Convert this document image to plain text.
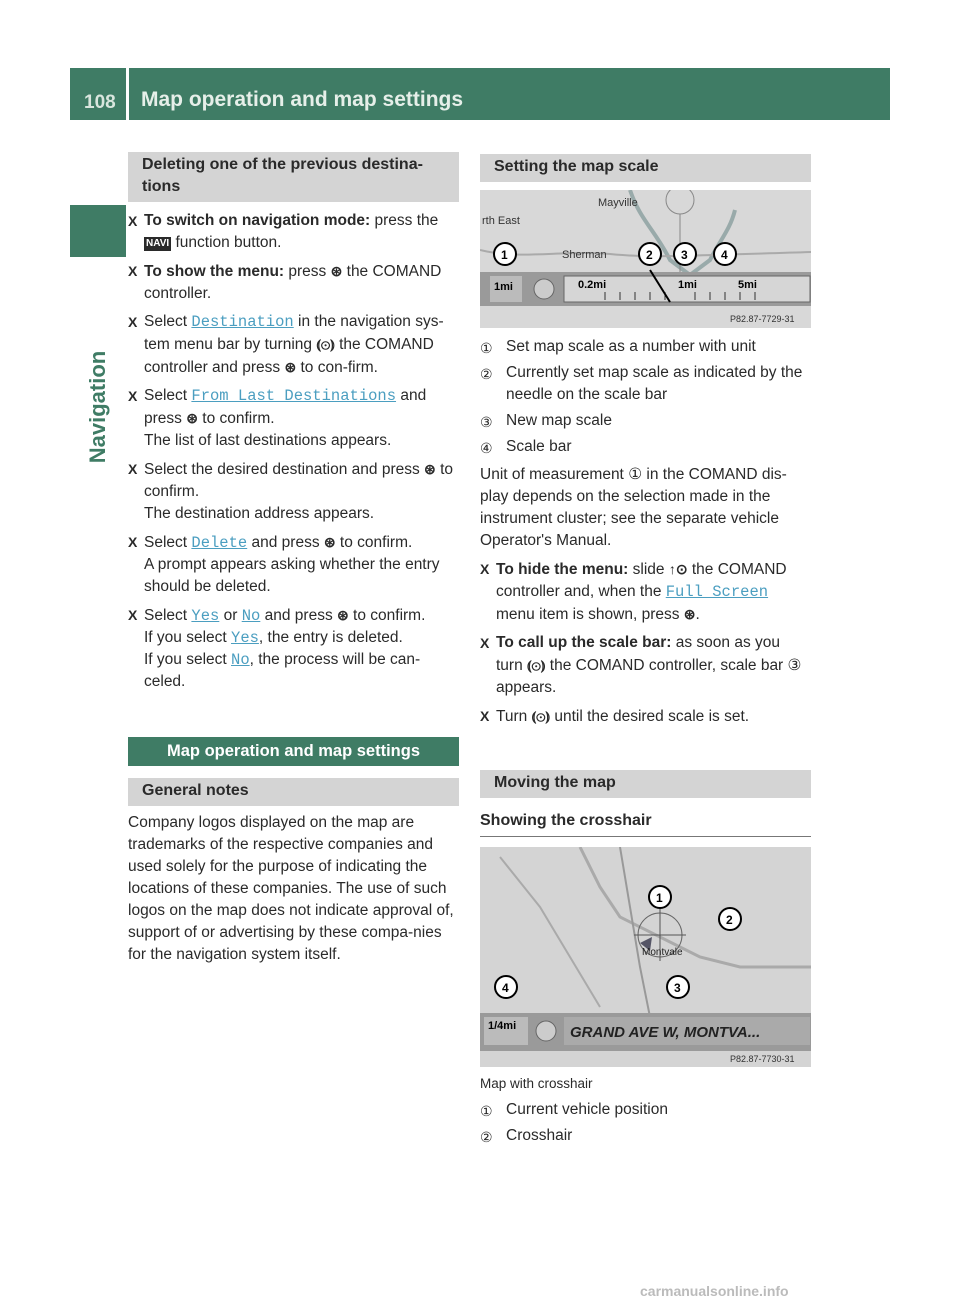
108 Map operation and map settings
Navigation
Deleting one of the previous destina-
tions
X To switch on navigation mode: press the
NAVI function button.
X To show the menu: press ⊛ the COMAND controller.
X Select Destination in the navigation sys-tem menu bar by turning ⦅⊙⦆ the COMAND controller and press ⊛ to con-firm.
X Select From Last Destinations and press ⊛ to confirm.
The list of last destinations appears.
X Select the desired destination and press ⊛ to confirm.
The destination address appears.
X Select Delete and press ⊛ to confirm.
A prompt appears asking whether the entry should be deleted.
X Select Yes or No and press ⊛ to confirm.
If you select Yes, the entry is deleted.
If you select No, the process will be can-celed.
Map operation and map settings
General notes
Company logos displayed on the map are trademarks of the respective companies and used solely for the purpose of indicating the locations of these companies. The use of such logos on the map does not indicate approval of, support of or advertising by these compa-nies for the navigation system itself.
Setting the map scale
Mayville
Sherman
rth East
1mi	0.2mi	1mi	5mi
1	2 3	4
P82.87-7729-31
① Set map scale as a number with unit
② Currently set map scale as indicated by the needle on the scale bar
③ New map scale
④ Scale bar
Unit of measurement ① in the COMAND dis-play depends on the selection made in the instrument cluster; see the separate vehicle Operator's Manual.
X To hide the menu: slide ↑⊙ the COMAND controller and, when the Full Screen menu item is shown, press ⊛.
X To call up the scale bar: as soon as you turn ⦅⊙⦆ the COMAND controller, scale bar ③ appears.
X Turn ⦅⊙⦆ until the desired scale is set.
Moving the map
Showing the crosshair
Montvale
1/4mi	GRAND AVE W, MONTVA...
1
2
3
4
P82.87-7730-31
Map with crosshair
① Current vehicle position
② Crosshair
carmanualsonline.info
